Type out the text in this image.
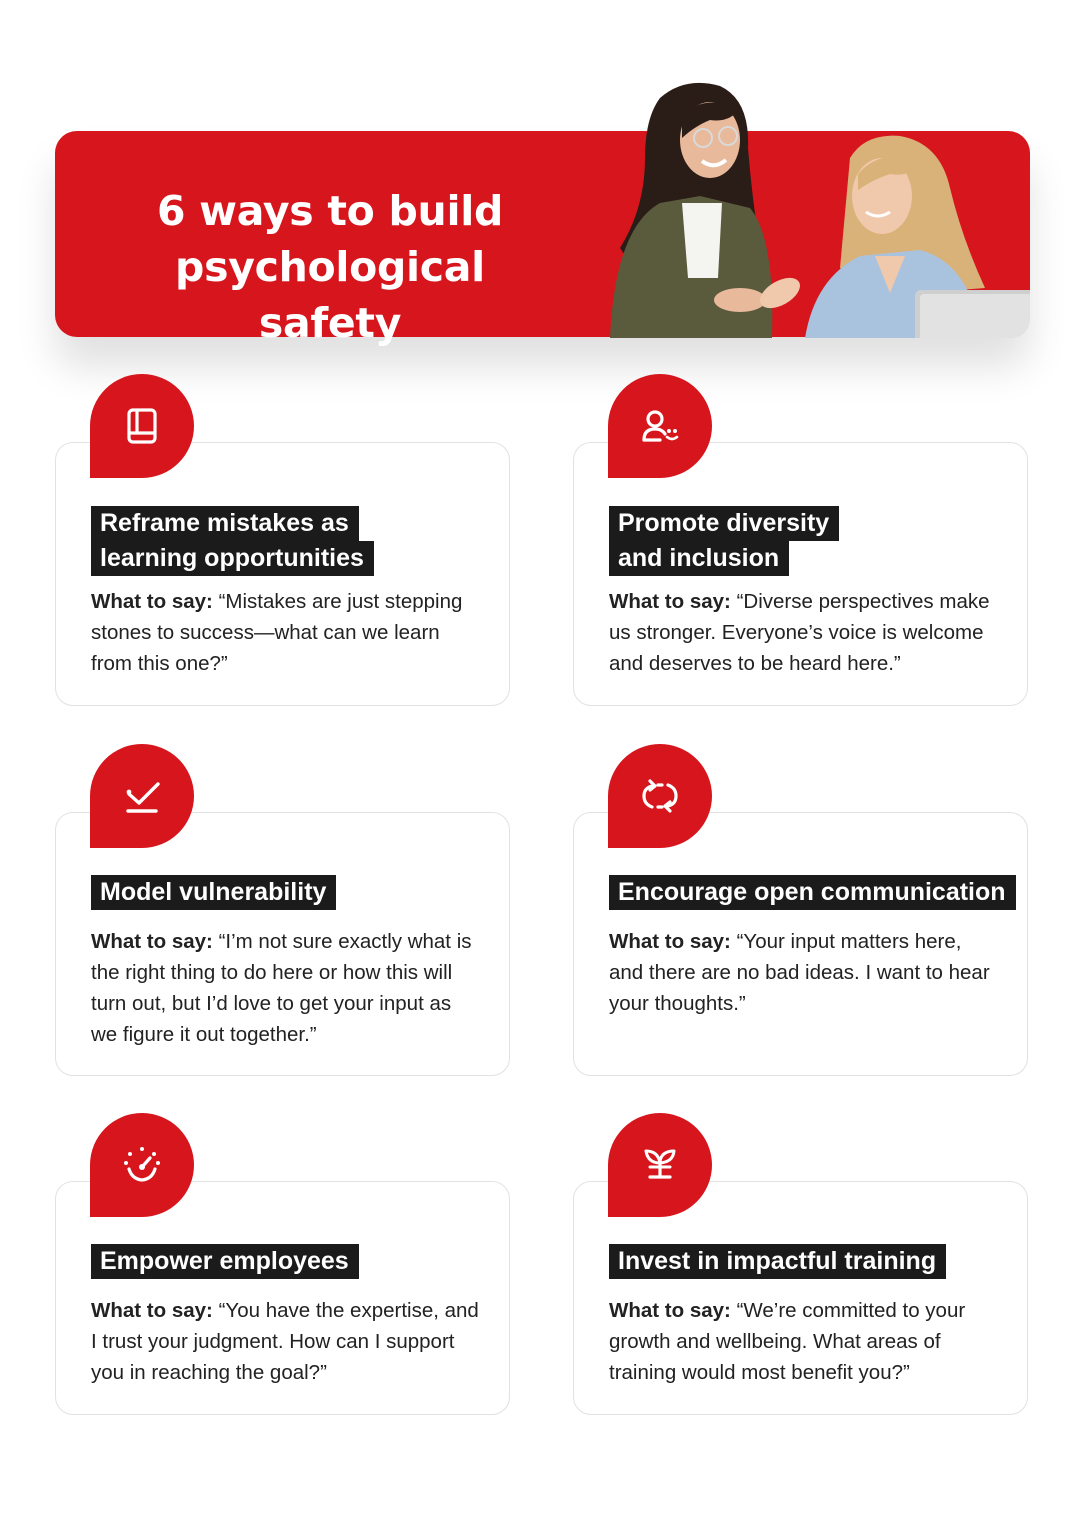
6 ways to build
psychological safety
Reframe mistakes as
learning opportunities
What to say: “Mistakes are just stepping stones to success—what can we learn from this one?”
Promote diversity
and inclusion
What to say: “Diverse perspectives make us stronger. Everyone’s voice is welcome and deserves to be heard here.”
Model vulnerability
What to say: “I’m not sure exactly what is the right thing to do here or how this will turn out, but I’d love to get your input as we figure it out together.”
Encourage open communication
What to say: “Your input matters here, and there are no bad ideas. I want to hear your thoughts.”
Empower employees
What to say: “You have the expertise, and I trust your judgment. How can I support you in reaching the goal?”
Invest in impactful training
What to say: “We’re committed to your growth and wellbeing. What areas of training would most benefit you?”
